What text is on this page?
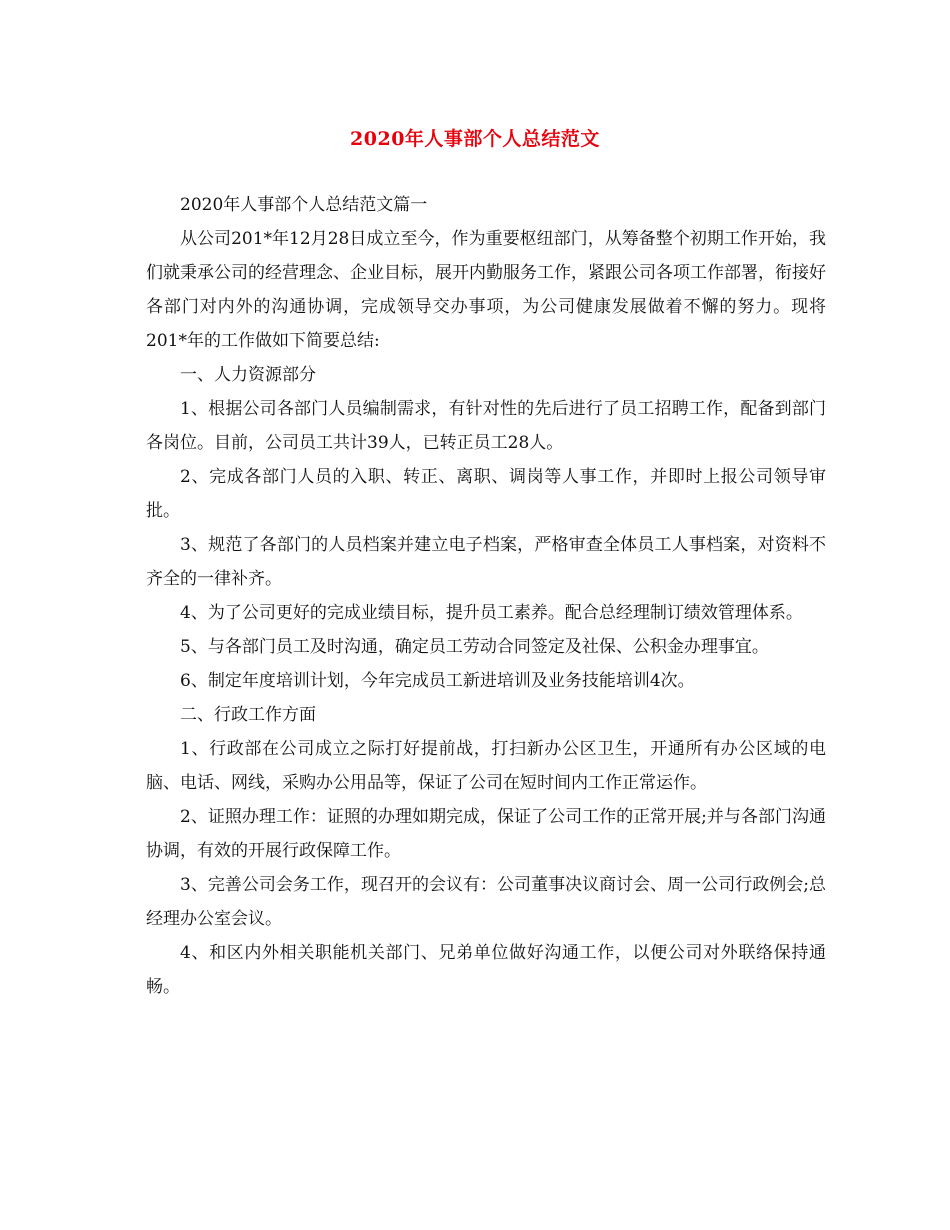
2020年人事部个人总结范文

2020年人事部个人总结范文篇一

从公司201*年12月28日成立至今，作为重要枢纽部门，从筹备整个初期工作开始，我们就秉承公司的经营理念、企业目标，展开内勤服务工作，紧跟公司各项工作部署，衔接好各部门对内外的沟通协调，完成领导交办事项，为公司健康发展做着不懈的努力。现将201*年的工作做如下简要总结:

一、人力资源部分

1、根据公司各部门人员编制需求，有针对性的先后进行了员工招聘工作，配备到部门各岗位。目前，公司员工共计39人，已转正员工28人。

2、完成各部门人员的入职、转正、离职、调岗等人事工作，并即时上报公司领导审批。

3、规范了各部门的人员档案并建立电子档案，严格审查全体员工人事档案，对资料不齐全的一律补齐。

4、为了公司更好的完成业绩目标，提升员工素养。配合总经理制订绩效管理体系。

5、与各部门员工及时沟通，确定员工劳动合同签定及社保、公积金办理事宜。

6、制定年度培训计划，今年完成员工新进培训及业务技能培训4次。

二、行政工作方面

1、行政部在公司成立之际打好提前战，打扫新办公区卫生，开通所有办公区域的电脑、电话、网线，采购办公用品等，保证了公司在短时间内工作正常运作。

2、证照办理工作：证照的办理如期完成，保证了公司工作的正常开展;并与各部门沟通协调，有效的开展行政保障工作。

3、完善公司会务工作，现召开的会议有：公司董事决议商讨会、周一公司行政例会;总经理办公室会议。

4、和区内外相关职能机关部门、兄弟单位做好沟通工作，以便公司对外联络保持通畅。
